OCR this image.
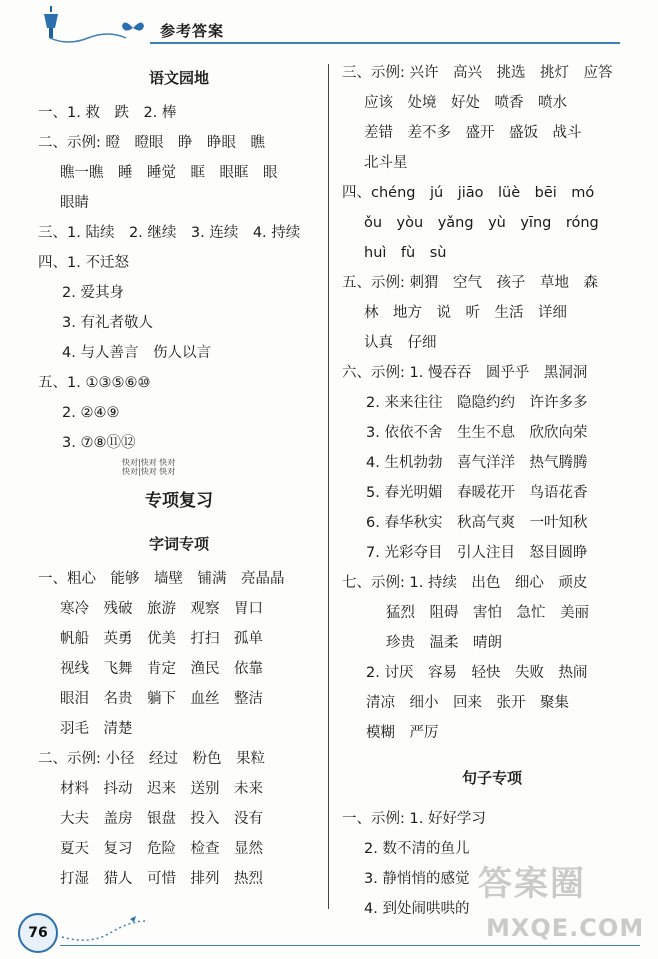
参考答案
语文园地
一、1. 救　跌　2. 棒
二、示例: 瞪　瞪眼　睁　睁眼　瞧
瞧一瞧　睡　睡觉　眶　眼眶　眼
眼睛
三、1. 陆续　2. 继续　3. 连续　4. 持续
四、1. 不迁怒
2. 爱其身
3. 有礼者敬人
4. 与人善言　伤人以言
五、1. ①③⑤⑥⑩
2. ②④⑨
3. ⑦⑧⑪⑫
快对|快对 快对
快对|快对 快对
专项复习
字词专项
一、粗心　能够　墙壁　铺满　亮晶晶
寒冷　残破　旅游　观察　胃口
帆船　英勇　优美　打扫　孤单
视线　飞舞　肯定　渔民　依靠
眼泪　名贵　躺下　血丝　整洁
羽毛　清楚
二、示例: 小径　经过　粉色　果粒
材料　抖动　迟来　送别　未来
大夫　盖房　银盘　投入　没有
夏天　复习　危险　检查　显然
打湿　猎人　可惜　排列　热烈
三、示例: 兴许　高兴　挑选　挑灯　应答
应该　处境　好处　喷香　喷水
差错　差不多　盛开　盛饭　战斗
北斗星
四、chéng　jú　jiāo　lüè　bēi　mó
ǒu　yòu　yǎng　yù　yīng　róng
huì　fù　sù
五、示例: 刺猬　空气　孩子　草地　森
林　地方　说　听　生活　详细
认真　仔细
六、示例: 1. 慢吞吞　圆乎乎　黑洞洞
2. 来来往往　隐隐约约　许许多多
3. 依依不舍　生生不息　欣欣向荣
4. 生机勃勃　喜气洋洋　热气腾腾
5. 春光明媚　春暖花开　鸟语花香
6. 春华秋实　秋高气爽　一叶知秋
7. 光彩夺目　引人注目　怒目圆睁
七、示例: 1. 持续　出色　细心　顽皮
猛烈　阻碍　害怕　急忙　美丽
珍贵　温柔　晴朗
2. 讨厌　容易　轻快　失败　热闹
清凉　细小　回来　张开　聚集
模糊　严厉
句子专项
一、示例: 1. 好好学习
2. 数不清的鱼儿
3. 静悄悄的感觉
4. 到处闹哄哄的
答案圈
MXQE.COM
76
